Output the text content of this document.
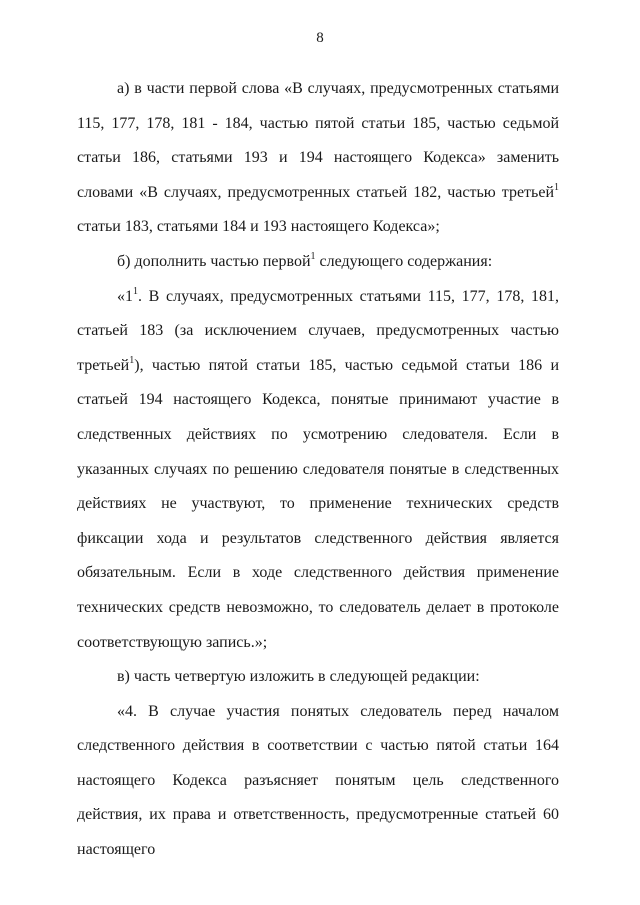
8

а) в части первой слова «В случаях, предусмотренных статьями 115, 177, 178, 181 - 184, частью пятой статьи 185, частью седьмой статьи 186, статьями 193 и 194 настоящего Кодекса» заменить словами «В случаях, предусмотренных статьей 182, частью третьей$^1$ статьи 183, статьями 184 и 193 настоящего Кодекса»;

б) дополнить частью первой$^1$ следующего содержания:

«$1^1$. В случаях, предусмотренных статьями 115, 177, 178, 181, статьей 183 (за исключением случаев, предусмотренных частью третьей$^1$), частью пятой статьи 185, частью седьмой статьи 186 и статьей 194 настоящего Кодекса, понятые принимают участие в следственных действиях по усмотрению следователя. Если в указанных случаях по решению следователя понятые в следственных действиях не участвуют, то применение технических средств фиксации хода и результатов следственного действия является обязательным. Если в ходе следственного действия применение технических средств невозможно, то следователь делает в протоколе соответствующую запись.»;

в) часть четвертую изложить в следующей редакции:

«4. В случае участия понятых следователь перед началом следственного действия в соответствии с частью пятой статьи 164 настоящего Кодекса разъясняет понятым цель следственного действия, их права и ответственность, предусмотренные статьей 60 настоящего
